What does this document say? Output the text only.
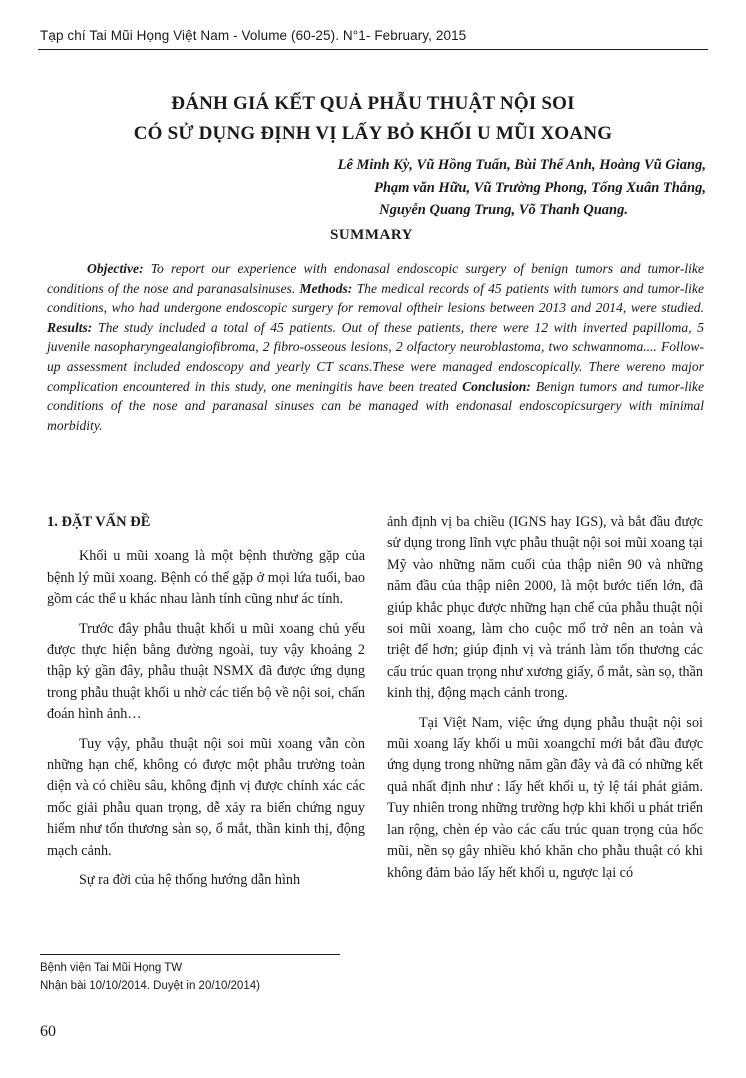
Tạp chí Tai Mũi Họng Việt Nam - Volume (60-25). N°1- February, 2015
ĐÁNH GIÁ KẾT QUẢ PHẪU THUẬT NỘI SOI
CÓ SỬ DỤNG ĐỊNH VỊ LẤY BỎ KHỐI U MŨI XOANG
Lê Minh Kỳ, Vũ Hồng Tuấn, Bùi Thế Anh, Hoàng Vũ Giang,
Phạm văn Hữu, Vũ Trường Phong, Tống Xuân Thắng,
Nguyễn Quang Trung, Võ Thanh Quang.
SUMMARY
Objective: To report our experience with endonasal endoscopic surgery of benign tumors and tumor-like conditions of the nose and paranasalsinuses. Methods: The medical records of 45 patients with tumors and tumor-like conditions, who had undergone endoscopic surgery for removal oftheir lesions between 2013 and 2014, were studied. Results: The study included a total of 45 patients. Out of these patients, there were 12 with inverted papilloma, 5 juvenile nasopharyngealangiofibroma, 2 fibro-osseous lesions, 2 olfactory neuroblastoma, two schwannoma.... Follow-up assessment included endoscopy and yearly CT scans.These were managed endoscopically. There wereno major complication encountered in this study, one meningitis have been treated Conclusion: Benign tumors and tumor-like conditions of the nose and paranasal sinuses can be managed with endonasal endoscopicsurgery with minimal morbidity.
1. ĐẶT VẤN ĐỀ

Khối u mũi xoang là một bệnh thường gặp của bệnh lý mũi xoang. Bệnh có thể gặp ở mọi lứa tuổi, bao gồm các thể u khác nhau lành tính cũng như ác tính.

Trước đây phẫu thuật khối u mũi xoang chủ yếu được thực hiện bằng đường ngoài, tuy vậy khoảng 2 thập kỷ gần đây, phẫu thuật NSMX đã được ứng dụng trong phẫu thuật khối u nhờ các tiến bộ về nội soi, chẩn đoán hình ảnh…

Tuy vậy, phẫu thuật nội soi mũi xoang vẫn còn những hạn chế, không có được một phẫu trường toàn diện và có chiều sâu, không định vị được chính xác các mốc giải phẫu quan trọng, dễ xảy ra biến chứng nguy hiểm như tổn thương sàn sọ, ổ mắt, thần kinh thị, động mạch cảnh.

Sự ra đời của hệ thống hướng dẫn hình

ảnh định vị ba chiều (IGNS hay IGS), và bắt đầu được sử dụng trong lĩnh vực phẫu thuật nội soi mũi xoang tại Mỹ vào những năm cuối của thập niên 90 và những năm đầu của thập niên 2000, là một bước tiến lớn, đã giúp khắc phục được những hạn chế của phẫu thuật nội soi mũi xoang, làm cho cuộc mổ trở nên an toàn và triệt để hơn; giúp định vị và tránh làm tổn thương các cấu trúc quan trọng như xương giấy, ổ mắt, sàn sọ, thần kinh thị, động mạch cảnh trong.

Tại Việt Nam, việc ứng dụng phẫu thuật nội soi mũi xoang lấy khối u mũi xoangchỉ mới bắt đầu được ứng dụng trong những năm gần đây và đã có những kết quả nhất định như : lấy hết khối u, tỷ lệ tái phát giảm. Tuy nhiên trong những trường hợp khi khối u phát triển lan rộng, chèn ép vào các cấu trúc quan trọng của hốc mũi, nền sọ gây nhiều khó khăn cho phẫu thuật có khi không đảm bảo lấy hết khối u, ngược lại có

Bệnh viện Tai Mũi Họng TW
Nhận bài 10/10/2014. Duyệt in 20/10/2014)
60
